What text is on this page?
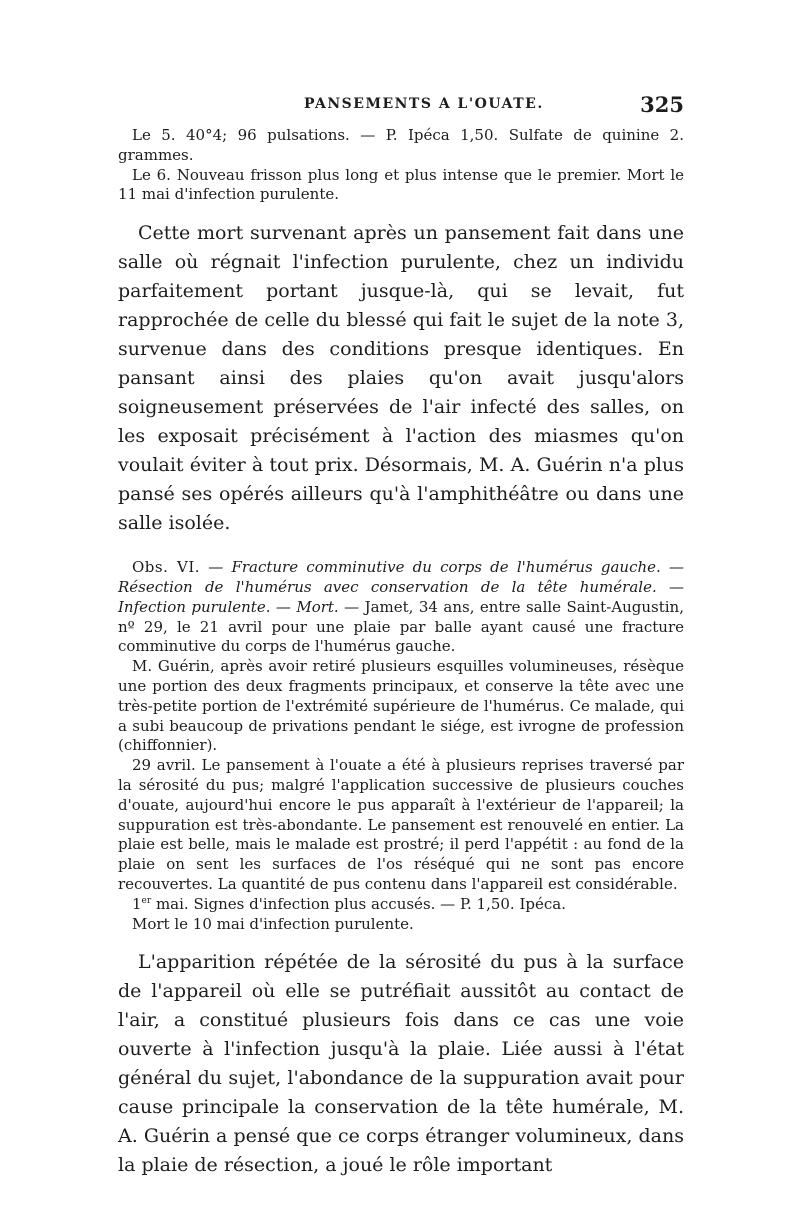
PANSEMENTS A L'OUATE.	325

Le 5. 40°4; 96 pulsations. — P. Ipéca 1,50. Sulfate de quinine 2. grammes.

Le 6. Nouveau frisson plus long et plus intense que le premier. Mort le 11 mai d'infection purulente.

Cette mort survenant après un pansement fait dans une salle où régnait l'infection purulente, chez un individu parfaitement portant jusque-là, qui se levait, fut rapprochée de celle du blessé qui fait le sujet de la note 3, survenue dans des conditions presque identiques. En pansant ainsi des plaies qu'on avait jusqu'alors soigneusement préservées de l'air infecté des salles, on les exposait précisément à l'action des miasmes qu'on voulait éviter à tout prix. Désormais, M. A. Guérin n'a plus pansé ses opérés ailleurs qu'à l'amphithéâtre ou dans une salle isolée.

Obs. VI. — Fracture comminutive du corps de l'humérus gauche. — Résection de l'humérus avec conservation de la tête humérale. — Infection purulente. — Mort. — Jamet, 34 ans, entre salle Saint-Augustin, nº 29, le 21 avril pour une plaie par balle ayant causé une fracture comminutive du corps de l'humérus gauche.

M. Guérin, après avoir retiré plusieurs esquilles volumineuses, résèque une portion des deux fragments principaux, et conserve la tête avec une très-petite portion de l'extrémité supérieure de l'humérus. Ce malade, qui a subi beaucoup de privations pendant le siége, est ivrogne de profession (chiffonnier).

29 avril. Le pansement à l'ouate a été à plusieurs reprises traversé par la sérosité du pus; malgré l'application successive de plusieurs couches d'ouate, aujourd'hui encore le pus apparaît à l'extérieur de l'appareil; la suppuration est très-abondante. Le pansement est renouvelé en entier. La plaie est belle, mais le malade est prostré; il perd l'appétit : au fond de la plaie on sent les surfaces de l'os réséqué qui ne sont pas encore recouvertes. La quantité de pus contenu dans l'appareil est considérable.

1er mai. Signes d'infection plus accusés. — P. 1,50. Ipéca.

Mort le 10 mai d'infection purulente.

L'apparition répétée de la sérosité du pus à la surface de l'appareil où elle se putréfiait aussitôt au contact de l'air, a constitué plusieurs fois dans ce cas une voie ouverte à l'infection jusqu'à la plaie. Liée aussi à l'état général du sujet, l'abondance de la suppuration avait pour cause principale la conservation de la tête humérale, M. A. Guérin a pensé que ce corps étranger volumineux, dans la plaie de résection, a joué le rôle important
